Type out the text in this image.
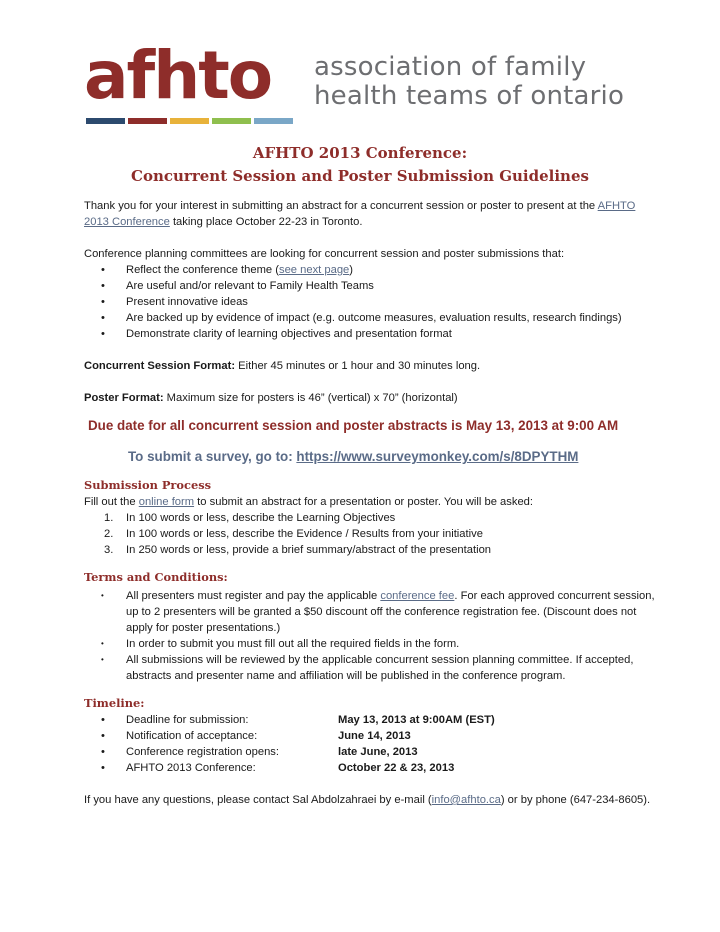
afhto association of family
health teams of ontario
AFHTO 2013 Conference:
Concurrent Session and Poster Submission Guidelines

Thank you for your interest in submitting an abstract for a concurrent session or poster to present at the AFHTO 2013 Conference taking place October 22-23 in Toronto.

Conference planning committees are looking for concurrent session and poster submissions that:

• Reflect the conference theme (see next page)
• Are useful and/or relevant to Family Health Teams
• Present innovative ideas
• Are backed up by evidence of impact (e.g. outcome measures, evaluation results, research findings)
• Demonstrate clarity of learning objectives and presentation format

Concurrent Session Format: Either 45 minutes or 1 hour and 30 minutes long.

Poster Format: Maximum size for posters is 46” (vertical) x 70” (horizontal)

Due date for all concurrent session and poster abstracts is May 13, 2013 at 9:00 AM

To submit a survey, go to: https://www.surveymonkey.com/s/8DPYTHM

Submission Process

Fill out the online form to submit an abstract for a presentation or poster. You will be asked:

1. In 100 words or less, describe the Learning Objectives
2. In 100 words or less, describe the Evidence / Results from your initiative
3. In 250 words or less, provide a brief summary/abstract of the presentation

Terms and Conditions:

• All presenters must register and pay the applicable conference fee. For each approved concurrent session, up to 2 presenters will be granted a $50 discount off the conference registration fee. (Discount does not apply for poster presentations.)
• In order to submit you must fill out all the required fields in the form.
• All submissions will be reviewed by the applicable concurrent session planning committee. If accepted, abstracts and presenter name and affiliation will be published in the conference program.

Timeline:

• Deadline for submission:	May 13, 2013 at 9:00AM (EST)
• Notification of acceptance:	June 14, 2013
• Conference registration opens:	late June, 2013
• AFHTO 2013 Conference:	October 22 & 23, 2013

If you have any questions, please contact Sal Abdolzahraei by e-mail (info@afhto.ca) or by phone (647-234-8605).
